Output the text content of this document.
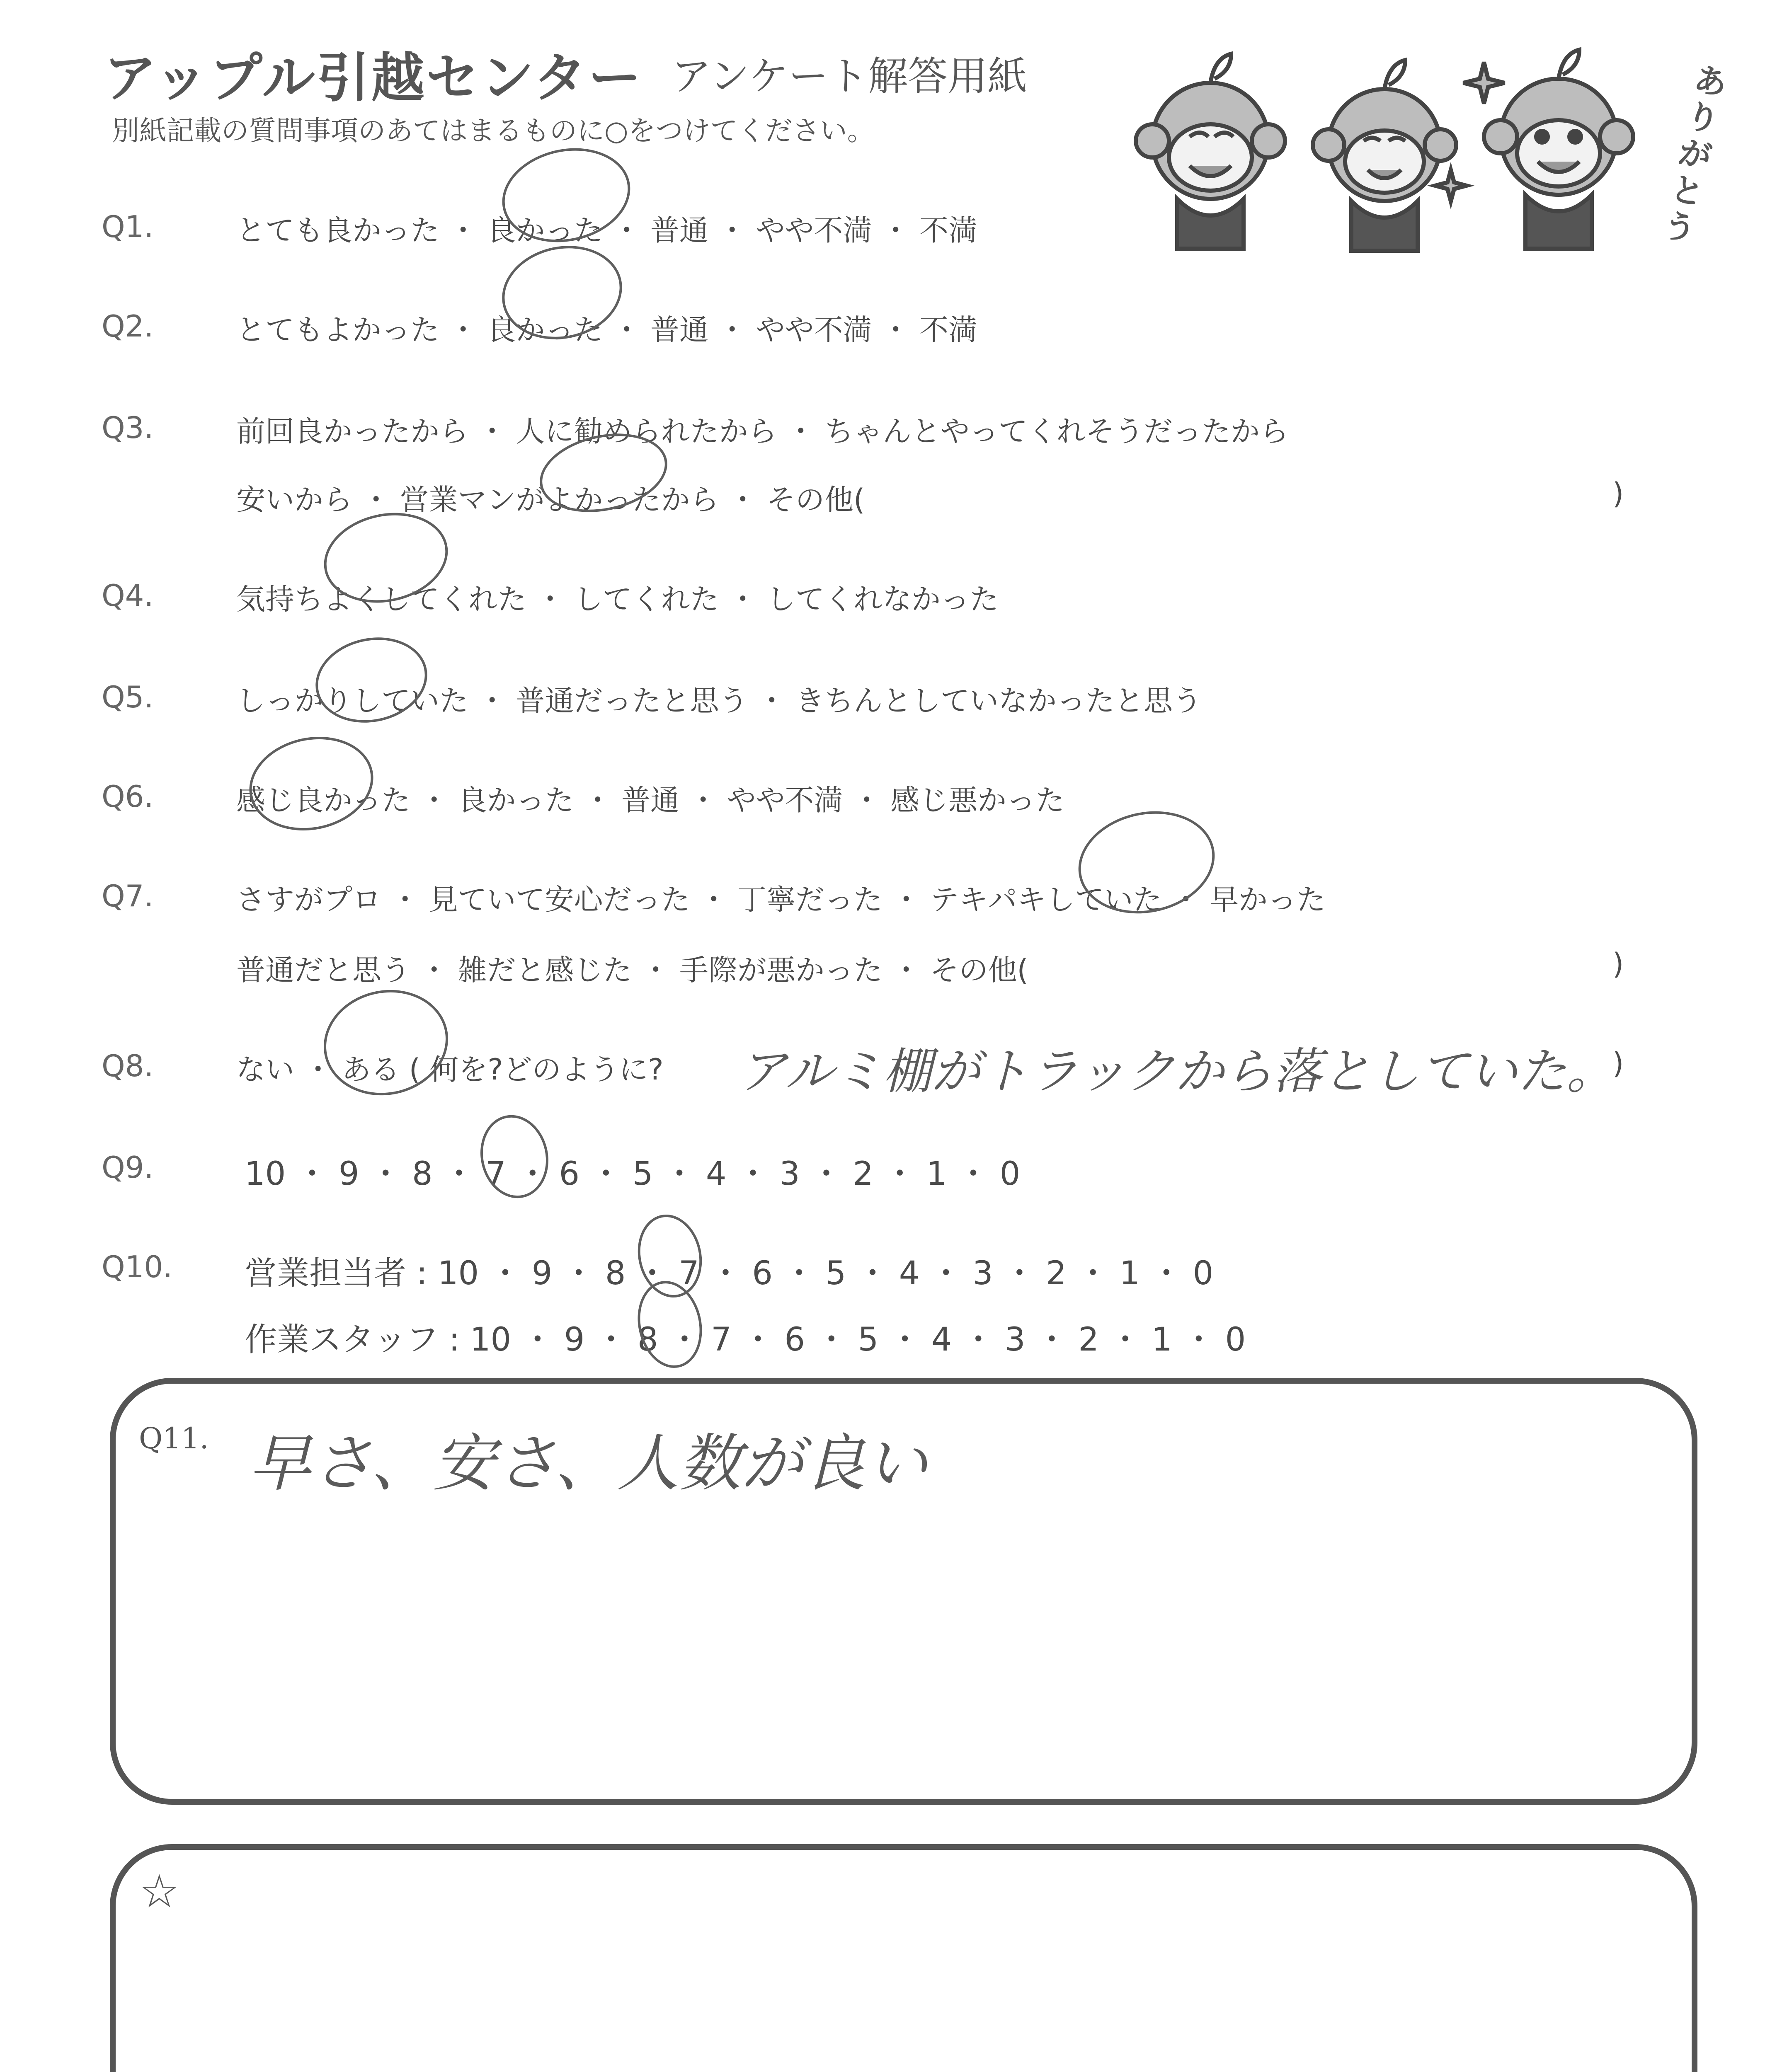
アップル引越センター アンケート解答用紙
別紙記載の質問事項のあてはまるものに○をつけてください。
ありがとう
Q1.	とても良かった ・ 良かった ・ 普通 ・ やや不満 ・ 不満
Q2.	とてもよかった ・ 良かった ・ 普通 ・ やや不満 ・ 不満
Q3.	前回良かったから ・ 人に勧められたから ・ ちゃんとやってくれそうだったから
安いから ・ 営業マンがよかったから ・ その他(	)
Q4.	気持ちよくしてくれた ・ してくれた ・ してくれなかった
Q5.	しっかりしていた ・ 普通だったと思う ・ きちんとしていなかったと思う
Q6.	感じ良かった ・ 良かった ・ 普通 ・ やや不満 ・ 感じ悪かった
Q7.	さすがプロ ・ 見ていて安心だった ・ 丁寧だった ・ テキパキしていた ・ 早かった
普通だと思う ・ 雑だと感じた ・ 手際が悪かった ・ その他(	)
Q8.	ない ・ ある ( 何を?どのように?	)
アルミ棚がトラックから落としていた。
Q9.	10 ・ 9 ・ 8 ・ 7 ・ 6 ・ 5 ・ 4 ・ 3 ・ 2 ・ 1 ・ 0
Q10. 営業担当者 : 10 ・ 9 ・ 8 ・ 7 ・ 6 ・ 5 ・ 4 ・ 3 ・ 2 ・ 1 ・ 0
作業スタッフ : 10 ・ 9 ・ 8 ・ 7 ・ 6 ・ 5 ・ 4 ・ 3 ・ 2 ・ 1 ・ 0
Q11. 早さ、安さ、人数が良い
☆
